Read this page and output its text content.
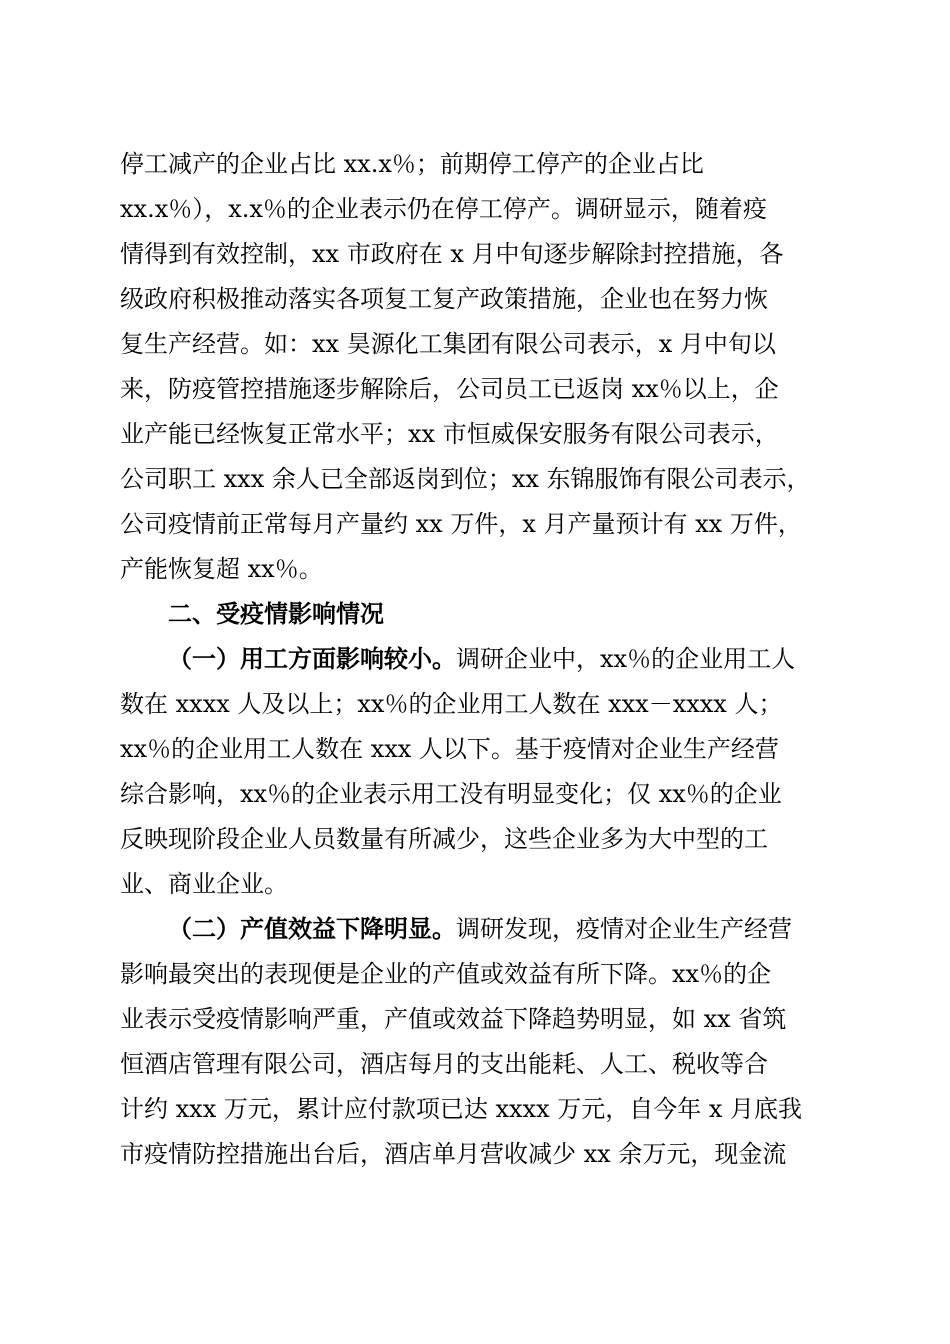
停工减产的企业占比 xx.x％；前期停工停产的企业占比
xx.x％），x.x％的企业表示仍在停工停产。调研显示，随着疫
情得到有效控制，xx 市政府在 x 月中旬逐步解除封控措施，各
级政府积极推动落实各项复工复产政策措施，企业也在努力恢
复生产经营。如：xx 昊源化工集团有限公司表示，x 月中旬以
来，防疫管控措施逐步解除后，公司员工已返岗 xx％以上，企
业产能已经恢复正常水平；xx 市恒威保安服务有限公司表示，
公司职工 xxx 余人已全部返岗到位；xx 东锦服饰有限公司表示，
公司疫情前正常每月产量约 xx 万件，x 月产量预计有 xx 万件，
产能恢复超 xx％。
二、受疫情影响情况
（一）用工方面影响较小。调研企业中，xx％的企业用工人
数在 xxxx 人及以上；xx％的企业用工人数在 xxx－xxxx 人；
xx％的企业用工人数在 xxx 人以下。基于疫情对企业生产经营
综合影响，xx％的企业表示用工没有明显变化；仅 xx％的企业
反映现阶段企业人员数量有所减少，这些企业多为大中型的工
业、商业企业。
（二）产值效益下降明显。调研发现，疫情对企业生产经营
影响最突出的表现便是企业的产值或效益有所下降。xx％的企
业表示受疫情影响严重，产值或效益下降趋势明显，如 xx 省筑
恒酒店管理有限公司，酒店每月的支出能耗、人工、税收等合
计约 xxx 万元，累计应付款项已达 xxxx 万元，自今年 x 月底我
市疫情防控措施出台后，酒店单月营收减少 xx 余万元，现金流
